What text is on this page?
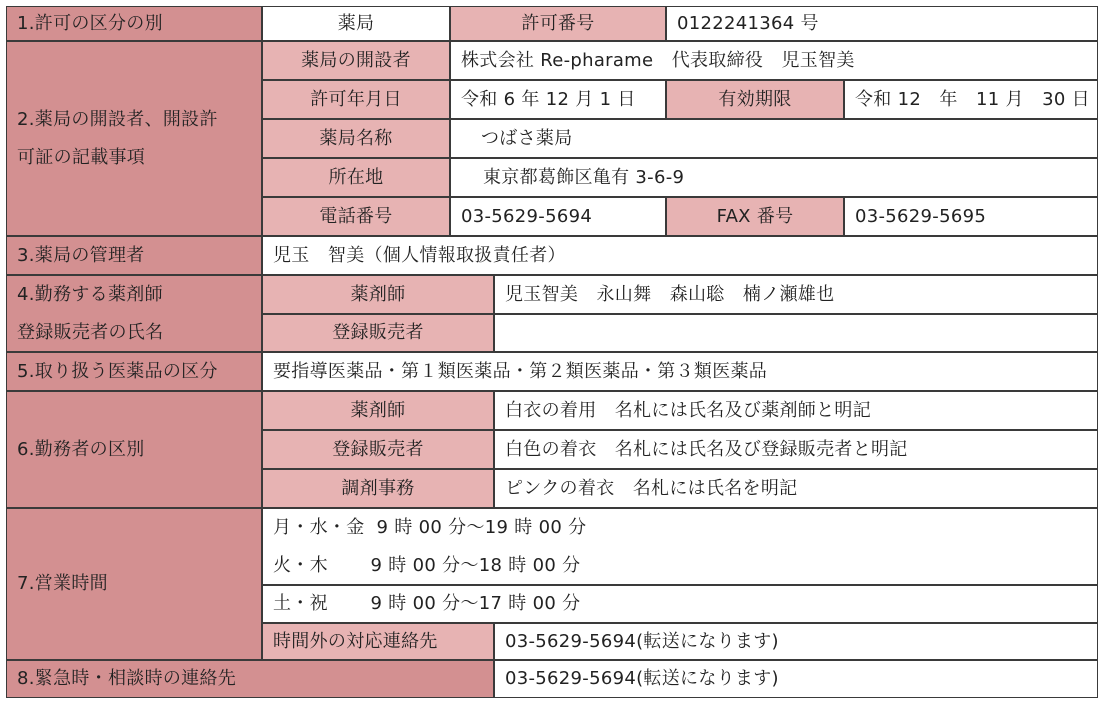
1.許可の区分の別	薬局	許可番号	0122241364 号
2.薬局の開設者、開設許
可証の記載事項
薬局の開設者	株式会社 Re-pharame　代表取締役　児玉智美
許可年月日	令和 6 年 12 月 1 日	有効期限	令和 12　年　11 月　30 日
薬局名称	つばさ薬局
所在地	東京都葛飾区亀有 3-6-9
電話番号	03-5629-5694	FAX 番号	03-5629-5695
3.薬局の管理者	児玉　智美（個人情報取扱責任者）
4.勤務する薬剤師
登録販売者の氏名
薬剤師	児玉智美　永山舞　森山聡　楠ノ瀬雄也
登録販売者
5.取り扱う医薬品の区分	要指導医薬品・第１類医薬品・第２類医薬品・第３類医薬品
6.勤務者の区別
薬剤師	白衣の着用　名札には氏名及び薬剤師と明記
登録販売者	白色の着衣　名札には氏名及び登録販売者と明記
調剤事務	ピンクの着衣　名札には氏名を明記
7.営業時間
月・水・金  9 時 00 分～19 時 00 分
火・木　　 9 時 00 分～18 時 00 分
土・祝　　 9 時 00 分～17 時 00 分
時間外の対応連絡先	03-5629-5694(転送になります)
8.緊急時・相談時の連絡先	03-5629-5694(転送になります)
